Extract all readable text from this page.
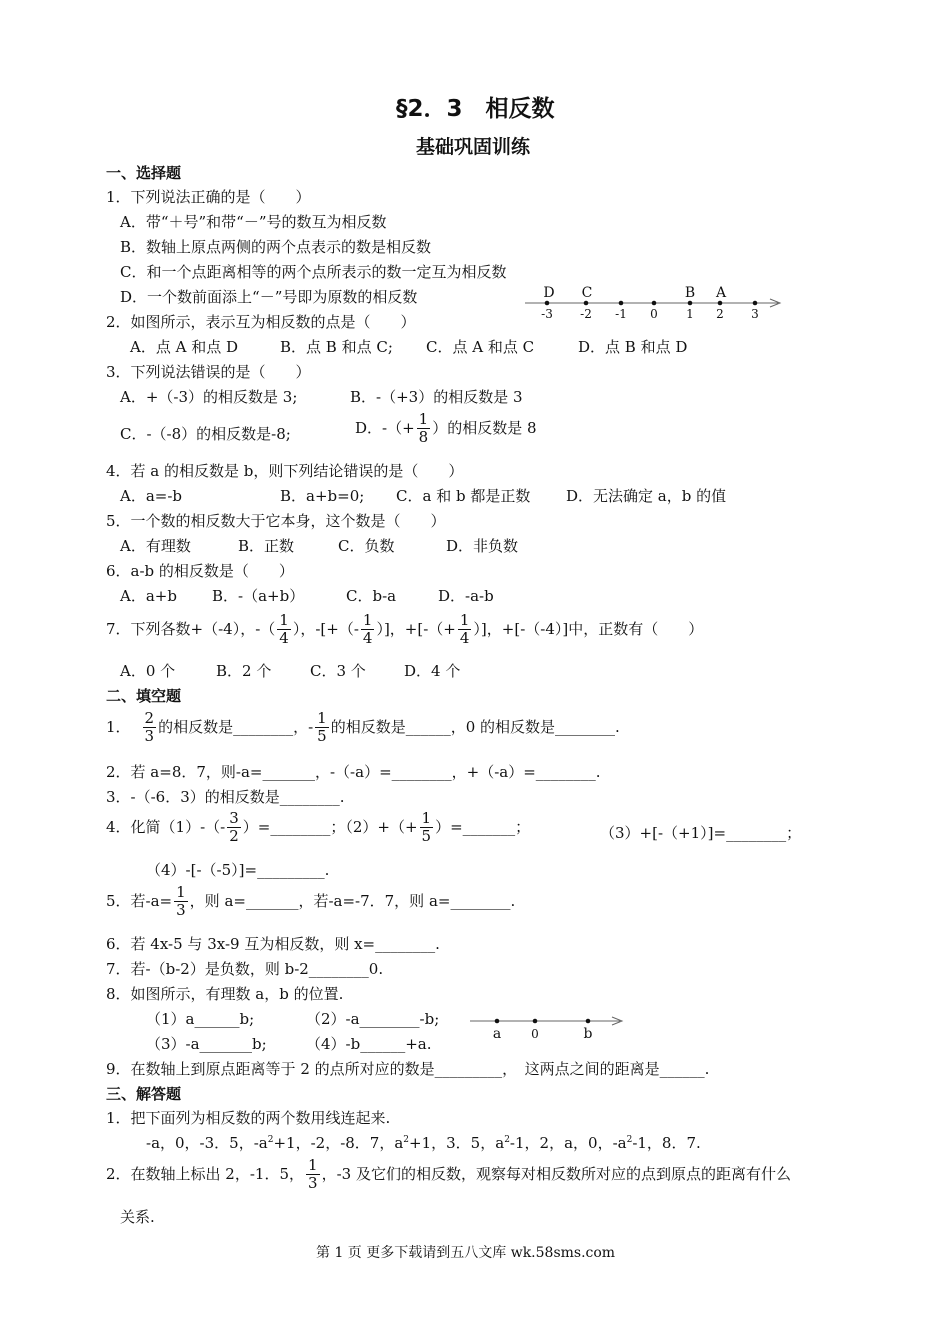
§2．3　相反数
基础巩固训练
一、选择题
1．下列说法正确的是（　　）
A．带“＋号”和带“－”号的数互为相反数
B．数轴上原点两侧的两个点表示的数是相反数
C．和一个点距离相等的两个点所表示的数一定互为相反数
D．一个数前面添上“－”号即为原数的相反数
-3 -2 -1 0 1 2 3
D C	B A
2．如图所示，表示互为相反数的点是（　　）
A．点 A 和点 D	B．点 B 和点 C; C．点 A 和点 C	D．点 B 和点 D
3．下列说法错误的是（　　）
A．+（-3）的相反数是 3;	B．-（+3）的相反数是 3
C．-（-8）的相反数是-8;	D．-（+ $\frac{1}{8}$ ）的相反数是 8
4．若 a 的相反数是 b，则下列结论错误的是（　　）
A．a=-b	B．a+b=0; C．a 和 b 都是正数 D．无法确定 a，b 的值
5．一个数的相反数大于它本身，这个数是（　　）
A．有理数	B．正数	C．负数	D．非负数
6．a-b 的相反数是（　　）
A．a+b B．-（a+b）	C．b-a	D．-a-b
7．下列各数+（-4），-（ $\frac{1}{4}$ ），-[+（- $\frac{1}{4}$ ）]，+[-（+ $\frac{1}{4}$ ）]，+[-（-4）]中，正数有（　　）
A．0 个	B．2 个	C．3 个	D．4 个
二、填空题
1． $\frac{2}{3}$ 的相反数是________，- $\frac{1}{5}$ 的相反数是______，0 的相反数是________.
2．若 a=8．7，则-a=_______，-（-a）=________，+（-a）=________.
3．-（-6．3）的相反数是________.
4．化简$(1)-(- \frac{3}{2}$ ）=________；$(2)+(+ \frac{1}{5}$ ）=_______；	（3）+[-（+1）]=________；
（4）-[-（-5）]=_________.
5．若$-a= \frac{1}{3}$ ，则 a=_______，若-a=-7．7，则 a=________.
6．若 4x-5 与 3x-9 互为相反数，则 x=________.
7．若-（b-2）是负数，则 b-2________0.
8．如图所示，有理数 a，b 的位置.
a	0	b
（1）a______b;	（2）-a________-b;
（3）-a_______b;	（4）-b______+a.
9．在数轴上到原点距离等于 2 的点所对应的数是_________，　这两点之间的距离是______.
三、解答题
1．把下面列为相反数的两个数用线连起来.
-a，0，-3．5，$-a^2+1$，-2，-8．7，$a^2+1$，3．5，$a^2-1$，2，a，0，$-a^2-1$，8．7.
2．在数轴上标出 2，-1．5， $\frac{1}{3}$ ，-3 及它们的相反数，观察每对相反数所对应的点到原点的距离有什么
关系.
第 1 页 更多下载请到五八文库 wk.58sms.com
